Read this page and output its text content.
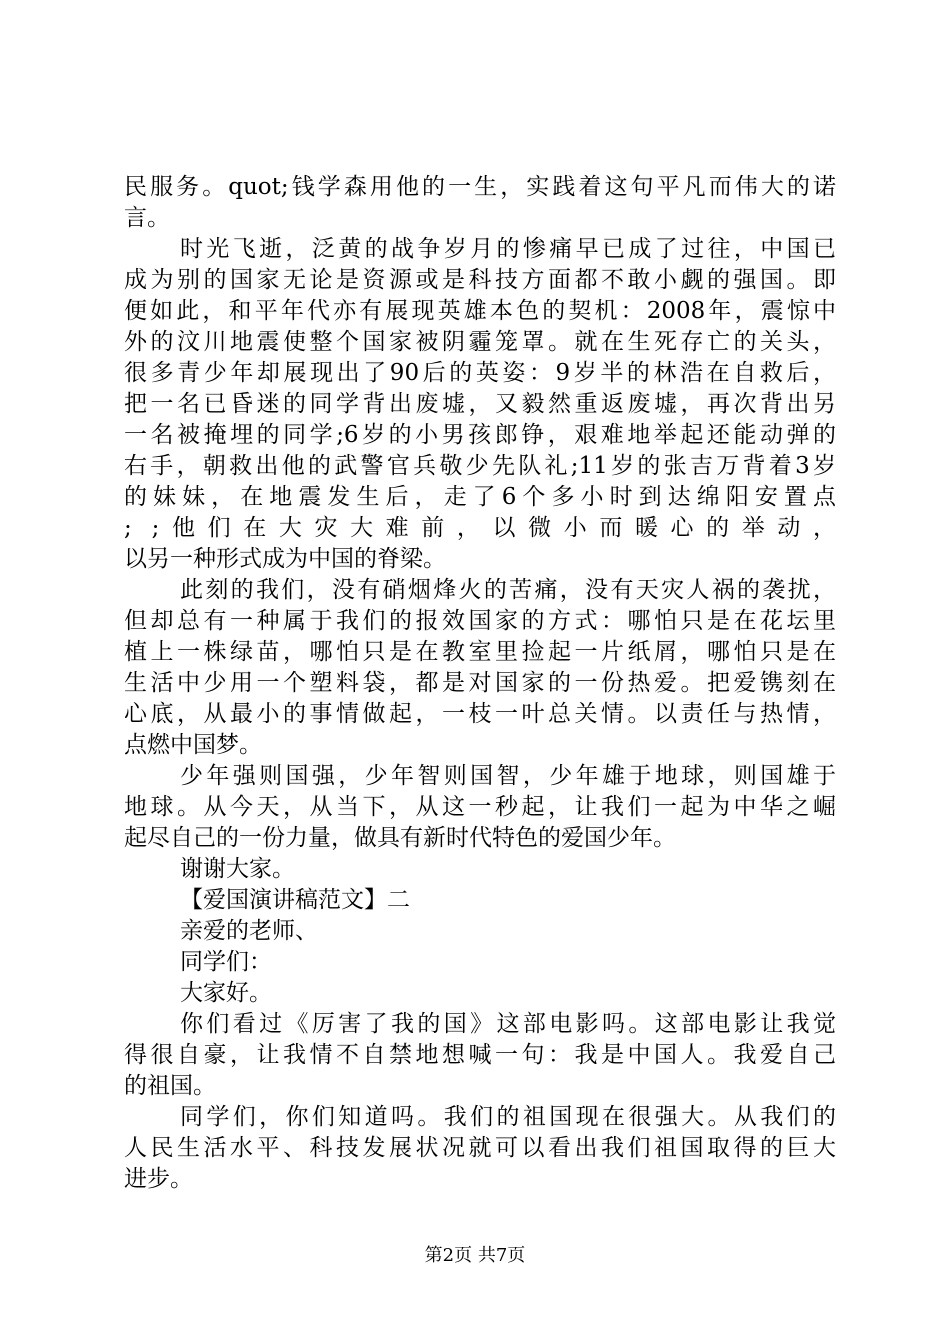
民服务。quot;钱学森用他的一生，实践着这句平凡而伟大的诺
言。
时光飞逝，泛黄的战争岁月的惨痛早已成了过往，中国已
成为别的国家无论是资源或是科技方面都不敢小觑的强国。即
便如此，和平年代亦有展现英雄本色的契机：2008年，震惊中
外的汶川地震使整个国家被阴霾笼罩。就在生死存亡的关头，
很多青少年却展现出了90后的英姿：9岁半的林浩在自救后，
把一名已昏迷的同学背出废墟，又毅然重返废墟，再次背出另
一名被掩埋的同学;6岁的小男孩郎铮，艰难地举起还能动弹的
右手，朝救出他的武警官兵敬少先队礼;11岁的张吉万背着3岁
的妹妹，在地震发生后，走了6个多小时到达绵阳安置点
; ;他们在大灾大难前，以微小而暖心的举动，
以另一种形式成为中国的脊梁。
此刻的我们，没有硝烟烽火的苦痛，没有天灾人祸的袭扰，
但却总有一种属于我们的报效国家的方式：哪怕只是在花坛里
植上一株绿苗，哪怕只是在教室里捡起一片纸屑，哪怕只是在
生活中少用一个塑料袋，都是对国家的一份热爱。把爱镌刻在
心底，从最小的事情做起，一枝一叶总关情。以责任与热情，
点燃中国梦。
少年强则国强，少年智则国智，少年雄于地球，则国雄于
地球。从今天，从当下，从这一秒起，让我们一起为中华之崛
起尽自己的一份力量，做具有新时代特色的爱国少年。
谢谢大家。
【爱国演讲稿范文】二
亲爱的老师、
同学们：
大家好。
你们看过《厉害了我的国》这部电影吗。这部电影让我觉
得很自豪，让我情不自禁地想喊一句：我是中国人。我爱自己
的祖国。
同学们，你们知道吗。我们的祖国现在很强大。从我们的
人民生活水平、科技发展状况就可以看出我们祖国取得的巨大
进步。
第2页 共7页
